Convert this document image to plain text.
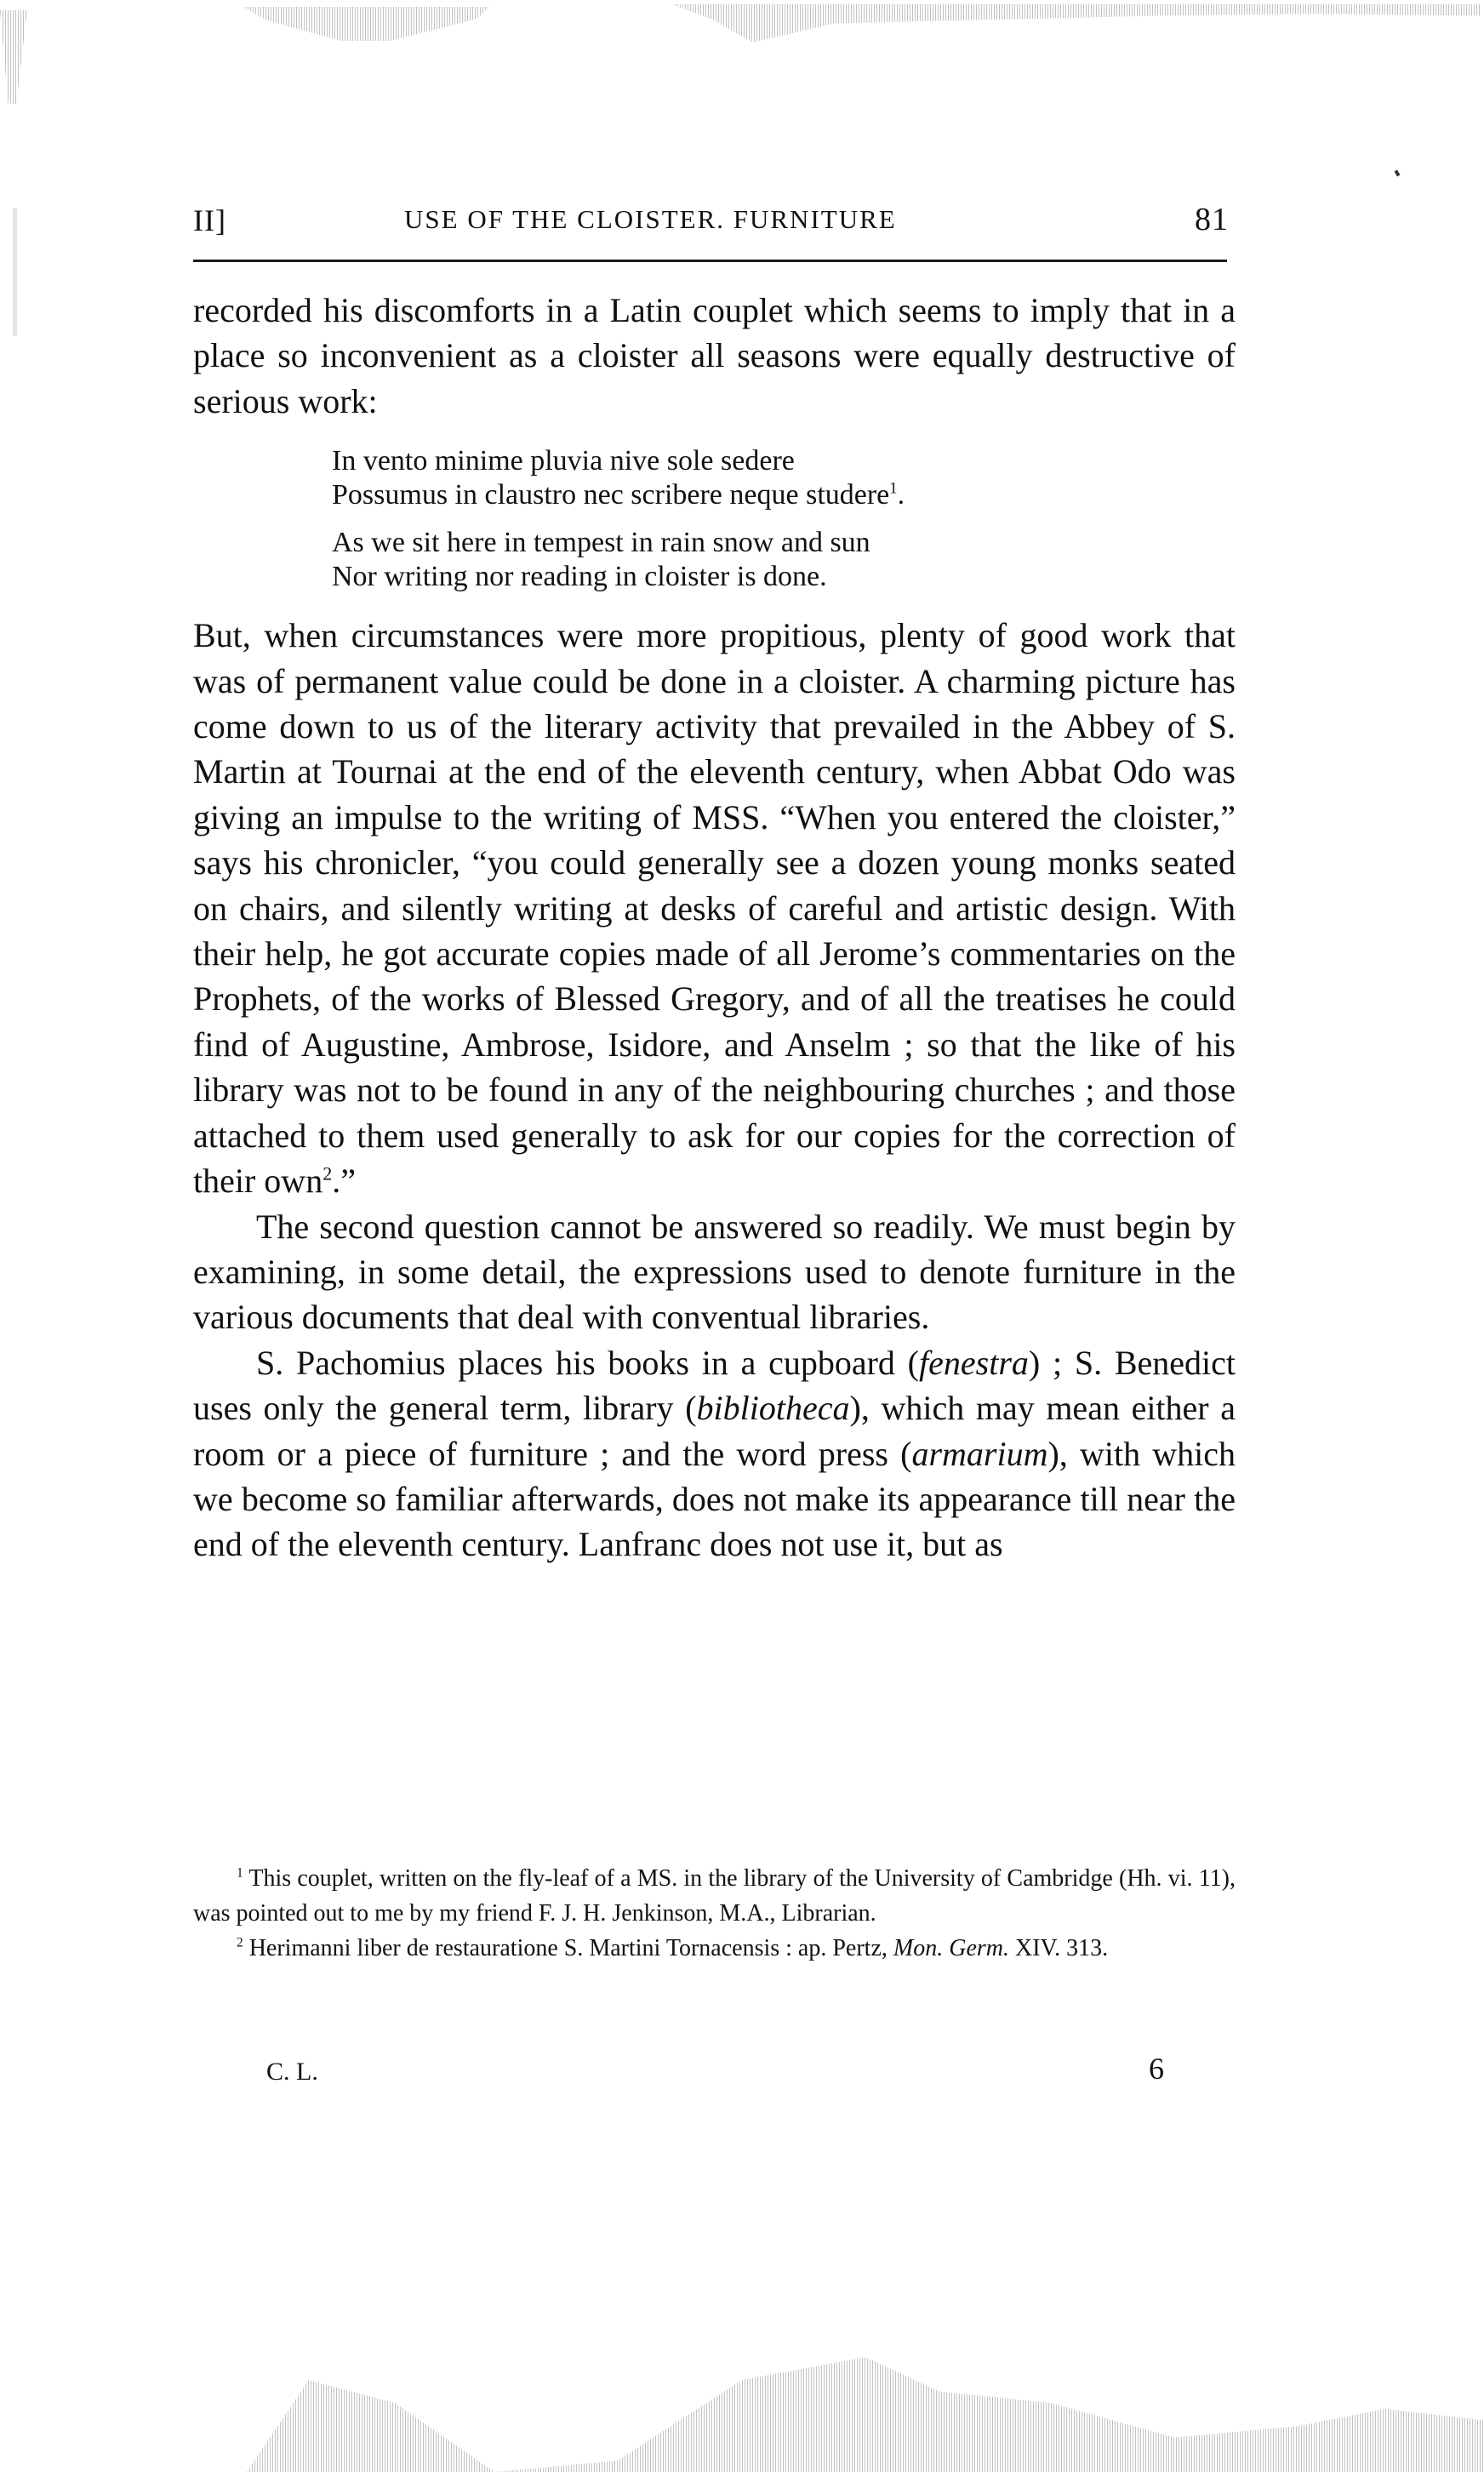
II]	USE OF THE CLOISTER. FURNITURE	81

recorded his discomforts in a Latin couplet which seems to imply that in a place so inconvenient as a cloister all seasons were equally destructive of serious work:

In vento minime pluvia nive sole sedere
Possumus in claustro nec scribere neque studere$^1$.
As we sit here in tempest in rain snow and sun
Nor writing nor reading in cloister is done.

But, when circumstances were more propitious, plenty of good work that was of permanent value could be done in a cloister. A charming picture has come down to us of the literary activity that prevailed in the Abbey of S. Martin at Tournai at the end of the eleventh century, when Abbat Odo was giving an impulse to the writing of MSS. “When you entered the cloister,” says his chronicler, “you could generally see a dozen young monks seated on chairs, and silently writing at desks of careful and artistic design. With their help, he got accurate copies made of all Jerome’s commentaries on the Prophets, of the works of Blessed Gregory, and of all the treatises he could find of Augustine, Ambrose, Isidore, and Anselm ; so that the like of his library was not to be found in any of the neighbouring churches ; and those attached to them used generally to ask for our copies for the correction of their own$^2$.”

The second question cannot be answered so readily. We must begin by examining, in some detail, the expressions used to denote furniture in the various documents that deal with conventual libraries.

S. Pachomius places his books in a cupboard (fenestra) ; S. Benedict uses only the general term, library (bibliotheca), which may mean either a room or a piece of furniture ; and the word press (armarium), with which we become so familiar afterwards, does not make its appearance till near the end of the eleventh century. Lanfranc does not use it, but as

$^1$ This couplet, written on the fly-leaf of a MS. in the library of the University of Cambridge (Hh. vi. 11), was pointed out to me by my friend F. J. H. Jenkinson, M.A., Librarian.

$^2$ Herimanni liber de restauratione S. Martini Tornacensis : ap. Pertz, Mon. Germ. XIV. 313.

C. L.	6
